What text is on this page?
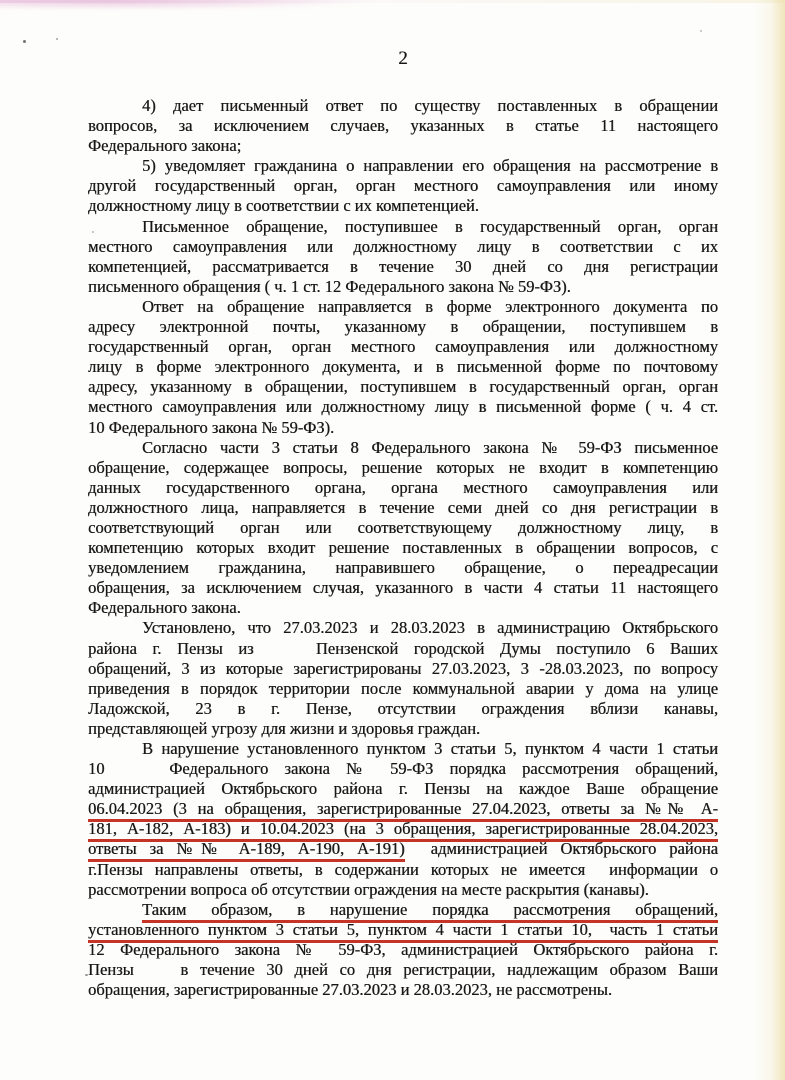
2
4) дает письменный ответ по существу поставленных в обращении
вопросов, за исключением случаев, указанных в статье 11 настоящего
Федерального закона;
5) уведомляет гражданина о направлении его обращения на рассмотрение в
другой государственный орган, орган местного самоуправления или иному
должностному лицу в соответствии с их компетенцией.
Письменное обращение, поступившее в государственный орган, орган
местного самоуправления или должностному лицу в соответствии с их
компетенцией, рассматривается в течение 30 дней со дня регистрации
письменного обращения ( ч. 1 ст. 12 Федерального закона № 59-ФЗ).
Ответ на обращение направляется в форме электронного документа по
адресу электронной почты, указанному в обращении, поступившем в
государственный орган, орган местного самоуправления или должностному
лицу в форме электронного документа, и в письменной форме по почтовому
адресу, указанному в обращении, поступившем в государственный орган, орган
местного самоуправления или должностному лицу в письменной форме ( ч. 4 ст.
10 Федерального закона № 59-ФЗ).
Согласно части 3 статьи 8 Федерального закона № 59-ФЗ письменное
обращение, содержащее вопросы, решение которых не входит в компетенцию
данных государственного органа, органа местного самоуправления или
должностного лица, направляется в течение семи дней со дня регистрации в
соответствующий орган или соответствующему должностному лицу, в
компетенцию которых входит решение поставленных в обращении вопросов, с
уведомлением гражданина, направившего обращение, о переадресации
обращения, за исключением случая, указанного в части 4 статьи 11 настоящего
Федерального закона.
Установлено, что 27.03.2023 и 28.03.2023 в администрацию Октябрьского
района г. Пензы из    Пензенской городской Думы поступило 6 Ваших
обращений, 3 из которые зарегистрированы 27.03.2023, 3 -28.03.2023, по вопросу
приведения в порядок территории после коммунальной аварии у дома на улице
Ладожской, 23 в г. Пензе, отсутствии ограждения вблизи канавы,
представляющей угрозу для жизни и здоровья граждан.
В нарушение установленного пунктом 3 статьи 5, пунктом 4 части 1 статьи
10    Федерального закона № 59-ФЗ порядка рассмотрения обращений,
администрацией Октябрьского района г. Пензы на каждое Ваше обращение
06.04.2023 (3 на обращения, зарегистрированные 27.04.2023, ответы за №№ А-
181, А-182, А-183) и 10.04.2023 (на 3 обращения, зарегистрированные 28.04.2023,
ответы за №№ А-189, А-190, А-191)  администрацией Октябрьского района
г.Пензы направлены ответы, в содержании которых не имеется  информации о
рассмотрении вопроса об отсутствии ограждения на месте раскрытия (канавы).
Таким образом, в нарушение порядка рассмотрения обращений,
установленного пунктом 3 статьи 5, пунктом 4 части 1 статьи 10,  часть 1 статьи
12 Федерального закона № 59-ФЗ, администрацией Октябрьского района г.
Пензы    в течение 30 дней со дня регистрации, надлежащим образом Ваши
обращения, зарегистрированные 27.03.2023 и 28.03.2023, не рассмотрены.
